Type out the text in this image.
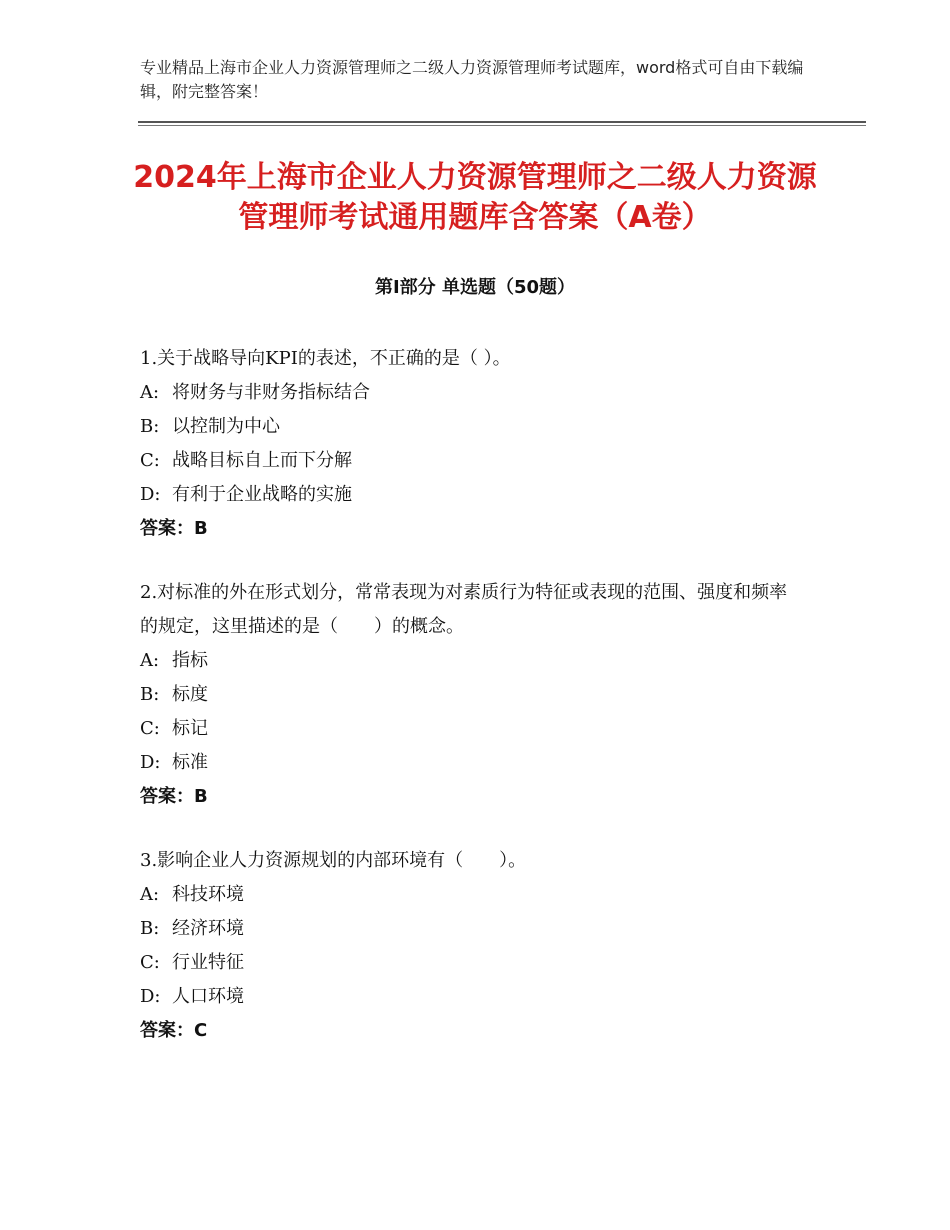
专业精品上海市企业人力资源管理师之二级人力资源管理师考试题库，word格式可自由下载编辑，附完整答案！
2024年上海市企业人力资源管理师之二级人力资源管理师考试通用题库含答案（A卷）
第Ⅰ部分 单选题（50题）
1.关于战略导向KPI的表述，不正确的是（ ）。
A: 将财务与非财务指标结合
B: 以控制为中心
C: 战略目标自上而下分解
D: 有利于企业战略的实施
答案：B
2.对标准的外在形式划分，常常表现为对素质行为特征或表现的范围、强度和频率的规定，这里描述的是（　　）的概念。
A: 指标
B: 标度
C: 标记
D: 标准
答案：B
3.影响企业人力资源规划的内部环境有（　　）。
A: 科技环境
B: 经济环境
C: 行业特征
D: 人口环境
答案：C
